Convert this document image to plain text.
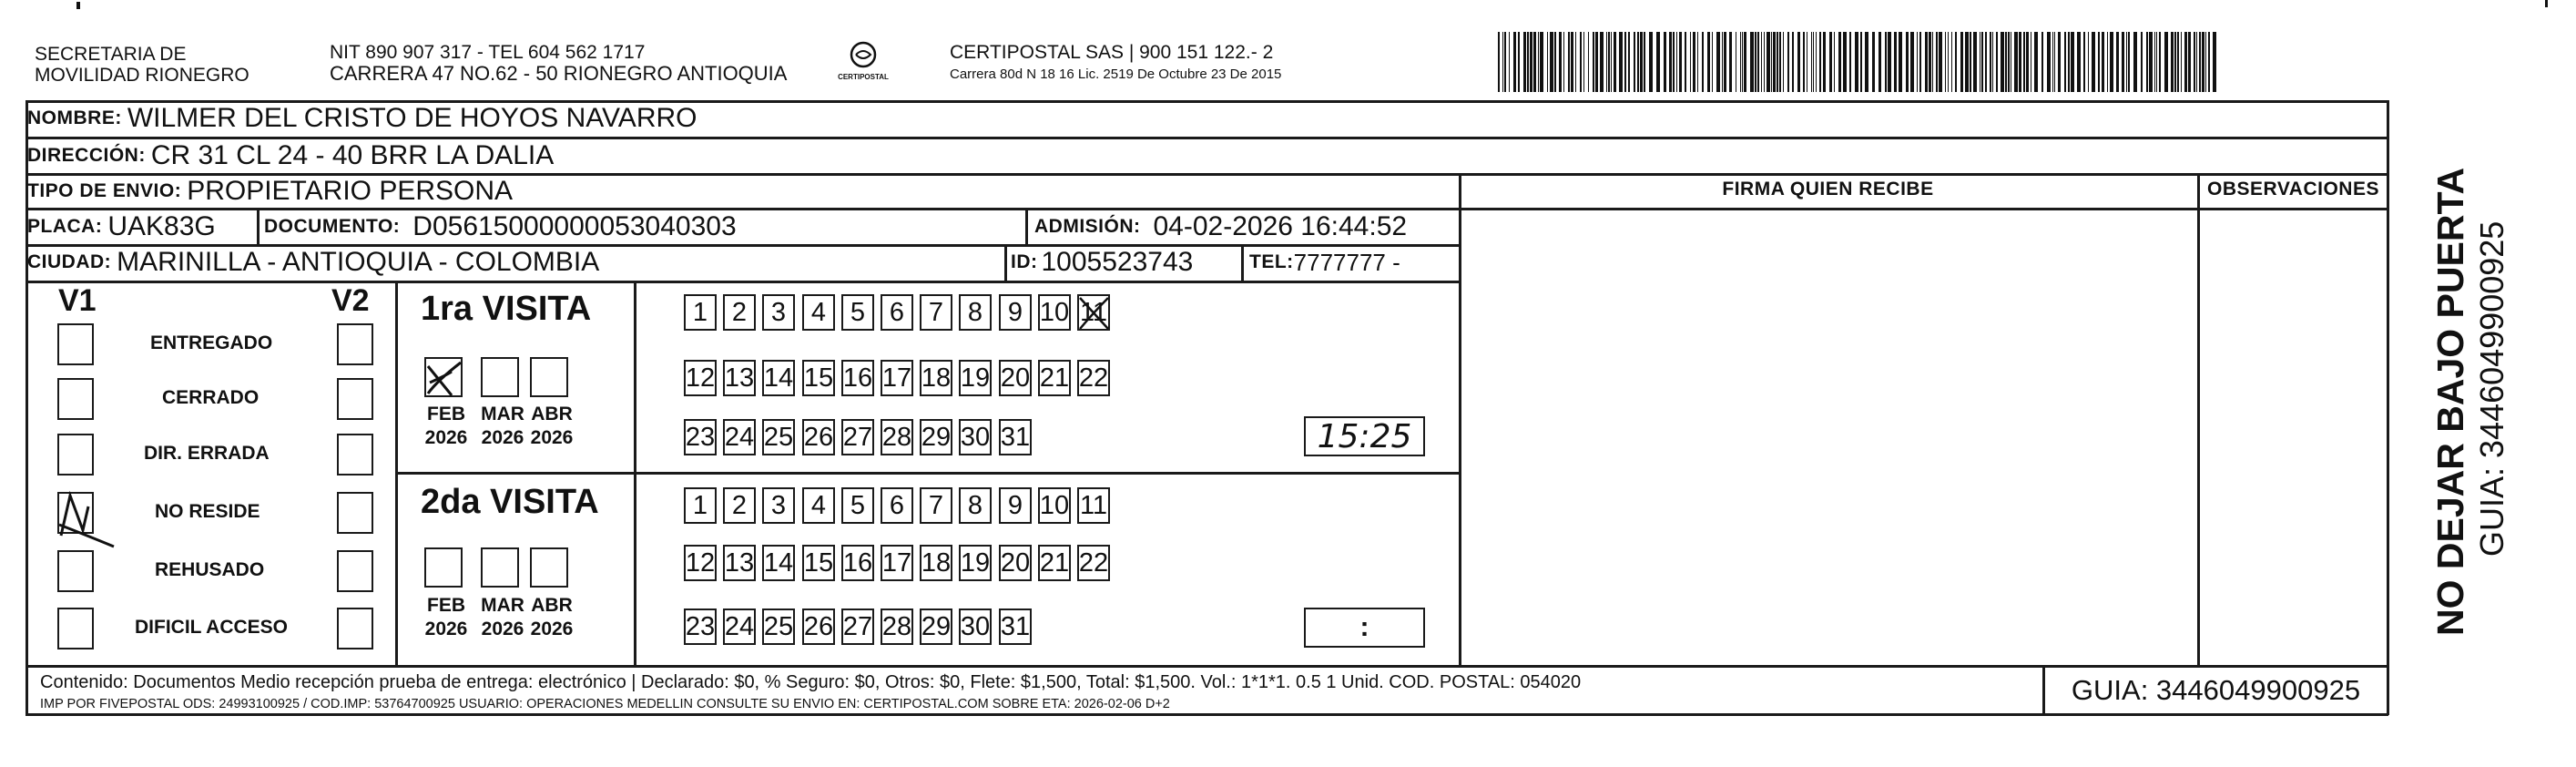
SECRETARIA DE
MOVILIDAD RIONEGRO
NIT 890 907 317 - TEL 604 562 1717
CARRERA 47 NO.62 - 50 RIONEGRO ANTIOQUIA	CERTIPOSTAL
CERTIPOSTAL SAS | 900 151 122.- 2
Carrera 80d N 18 16 Lic. 2519 De Octubre 23 De 2015
NOMBRE: WILMER DEL CRISTO DE HOYOS NAVARRO
DIRECCIÓN: CR 31 CL 24 - 40 BRR LA DALIA
TIPO DE ENVIO: PROPIETARIO PERSONA
PLACA: UAK83G	DOCUMENTO: D05615000000053040303	ADMISIÓN: 04-02-2026 16:44:52
CIUDAD: MARINILLA - ANTIOQUIA - COLOMBIA	ID: 1005523743	TEL: 7777777 -
FIRMA QUIEN RECIBE	OBSERVACIONES
V1	V2
ENTREGADO
CERRADO
DIR. ERRADA
NO RESIDE
REHUSADO
DIFICIL ACCESO
1ra VISITA
FEB
2026
MAR
2026
ABR
2026
1 2 3 4 5 6 7 8 9 10 11
12 13 14 15 16 17 18 19 20 21 22
23 24 25 26 27 28 29 30 31	15:25
2da VISITA
FEB
2026
MAR
2026
ABR
2026
1 2 3 4 5 6 7 8 9 10 11
12 13 14 15 16 17 18 19 20 21 22
23 24 25 26 27 28 29 30 31	:
Contenido: Documentos Medio recepción prueba de entrega: electrónico | Declarado: $0, % Seguro: $0, Otros: $0, Flete: $1,500, Total: $1,500. Vol.: 1*1*1. 0.5 1 Unid. COD. POSTAL: 054020
IMP POR FIVEPOSTAL ODS: 24993100925 / COD.IMP: 53764700925 USUARIO: OPERACIONES MEDELLIN CONSULTE SU ENVIO EN: CERTIPOSTAL.COM SOBRE ETA: 2026-02-06 D+2	GUIA: 3446049900925
NO DEJAR BAJO PUERTA GUIA: 3446049900925
